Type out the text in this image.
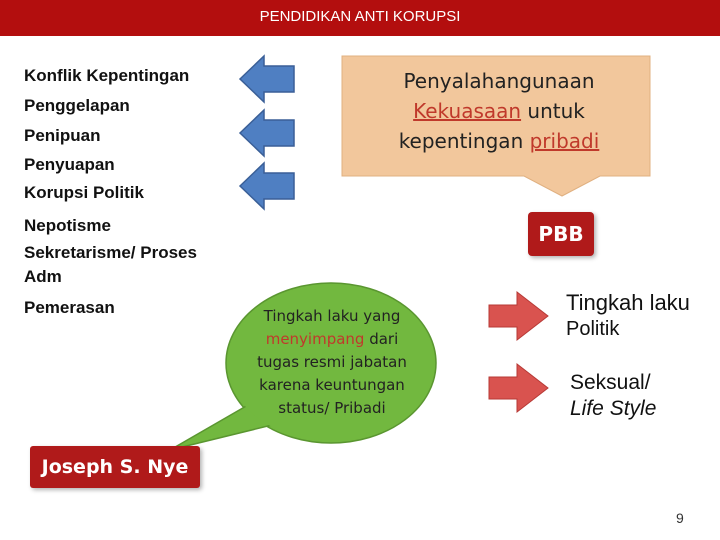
PENDIDIKAN ANTI KORUPSI
Konflik Kepentingan
Penggelapan
Penipuan
Penyuapan
Korupsi Politik
Nepotisme
Sekretarisme/ Proses Adm
Pemerasan
Penyalahangunaan
Kekuasaan untuk
kepentingan pribadi
PBB
Tingkah laku yang
menyimpang dari
tugas resmi jabatan
karena keuntungan
status/ Pribadi
Tingkah laku
Politik
Seksual/
Life Style
Joseph S. Nye
9
